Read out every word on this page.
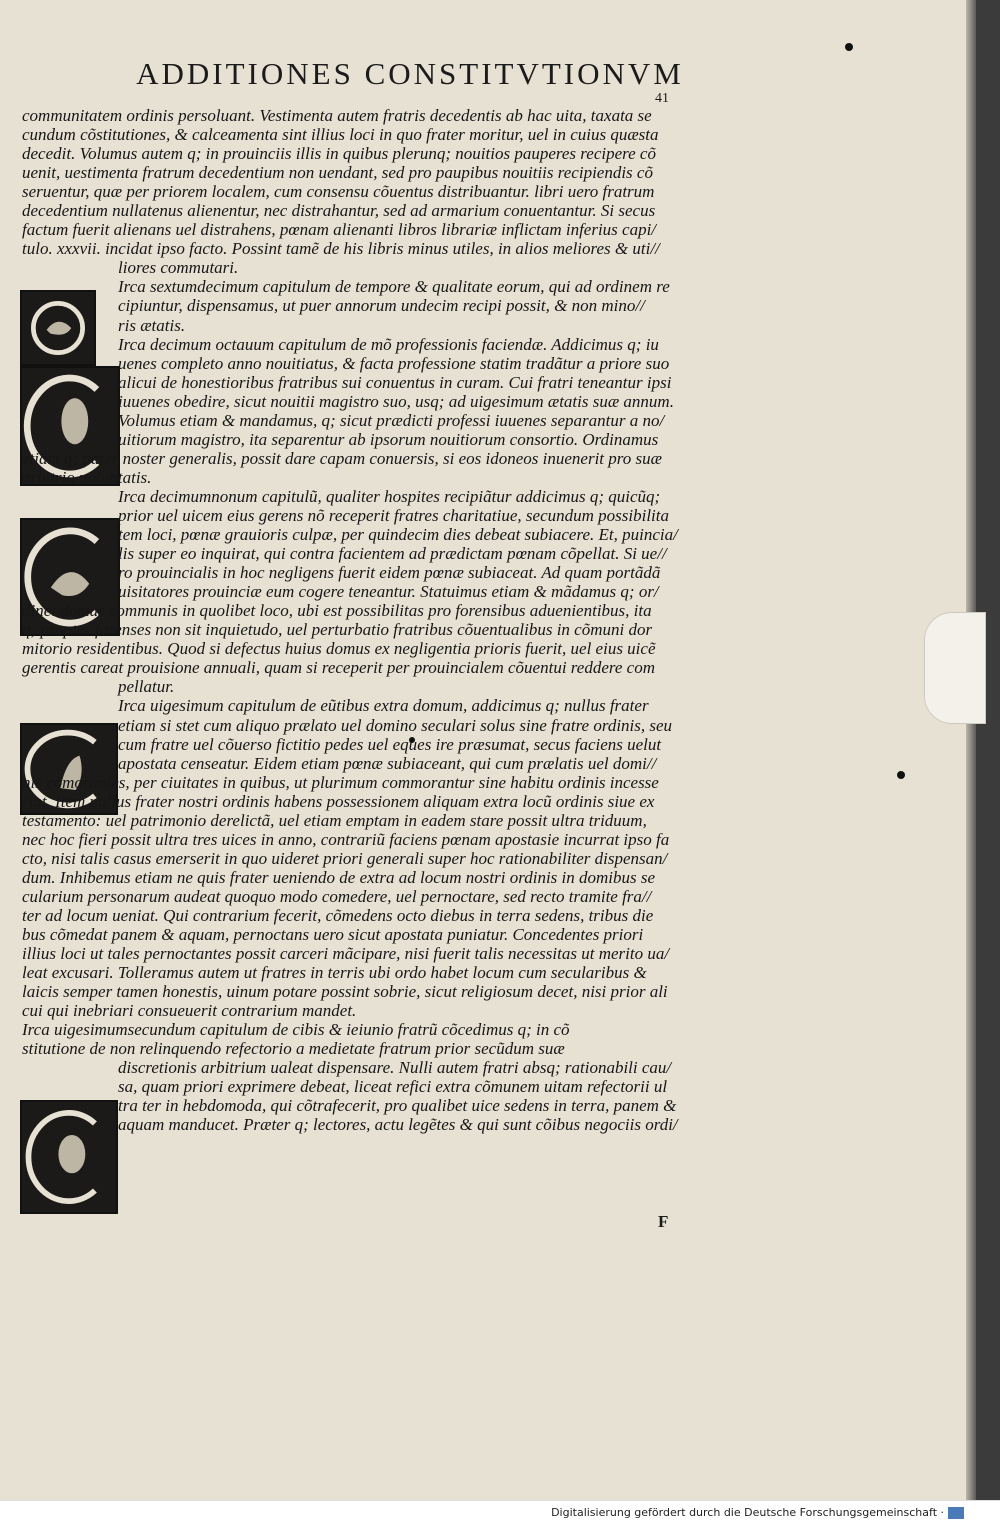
ADDITIONES CONSTITVTIONVM
41
communitatem ordinis persoluant. Vestimenta autem fratris decedentis ab hac uita, taxata se
cundum cõstitutiones, & calceamenta sint illius loci in quo frater moritur, uel in cuius quæsta
decedit. Volumus autem q; in prouinciis illis in quibus plerunq; nouitios pauperes recipere cõ
uenit, uestimenta fratrum decedentium non uendant, sed pro paupibus nouitiis recipiendis cõ
seruentur, quæ per priorem localem, cum consensu cõuentus distribuantur. libri uero fratrum
decedentium nullatenus alienentur, nec distrahantur, sed ad armarium conuentantur. Si secus
factum fuerit alienans uel distrahens, pœnam alienanti libros librariæ inflictam inferius capi/
tulo. xxxvii. incidat ipso facto. Possint tamẽ de his libris minus utiles, in alios meliores & uti//
liores commutari.
Irca sextumdecimum capitulum de tempore & qualitate eorum, qui ad ordinem re
cipiuntur, dispensamus, ut puer annorum undecim recipi possit, & non mino//
ris ætatis.
Irca decimum octauum capitulum de mõ professionis faciendæ. Addicimus q; iu
uenes completo anno nouitiatus, & facta professione statim tradãtur a priore suo
alicui de honestioribus fratribus sui conuentus in curam. Cui fratri teneantur ipsi
iuuenes obedire, sicut nouitii magistro suo, usq; ad uigesimum ætatis suæ annum.
Volumus etiam & mandamus, q; sicut prædicti professi iuuenes separantur a no/
uitiorum magistro, ita separentur ab ipsorum nouitiorum consortio. Ordinamus
etiam q; pater noster generalis, possit dare capam conuersis, si eos idoneos inuenerit pro suæ
arbitrio uoluntatis.
Irca decimumnonum capitulũ, qualiter hospites recipiãtur addicimus q; quicũq;
prior uel uicem eius gerens nõ receperit fratres charitatiue, secundum possibilita
tem loci, pœnæ grauioris culpæ, per quindecim dies debeat subiacere. Et, puincia/
lis super eo inquirat, qui contra facientem ad prædictam pœnam cõpellat. Si ue//
ro prouincialis in hoc negligens fuerit eidem pœnæ subiaceat. Ad quam portãdã
uisitatores prouinciæ eum cogere teneantur. Statuimus etiam & mãdamus q; or/
dinet domus communis in quolibet loco, ubi est possibilitas pro forensibus aduenientibus, ita
q; propter forenses non sit inquietudo, uel perturbatio fratribus cõuentualibus in cõmuni dor
mitorio residentibus. Quod si defectus huius domus ex negligentia prioris fuerit, uel eius uicẽ
gerentis careat prouisione annuali, quam si receperit per prouincialem cõuentui reddere com
pellatur.
Irca uigesimum capitulum de eũtibus extra domum, addicimus q; nullus frater
etiam si stet cum aliquo prælato uel domino seculari solus sine fratre ordinis, seu
cum fratre uel cõuerso fictitio pedes uel eques ire præsumat, secus faciens uelut
apostata censeatur. Eidem etiam pœnæ subiaceant, qui cum prælatis uel domi//
nis cõmorantes, per ciuitates in quibus, ut plurimum commorantur sine habitu ordinis incesse
rint. Item nullus frater nostri ordinis habens possessionem aliquam extra locũ ordinis siue ex
testamento: uel patrimonio derelictã, uel etiam emptam in eadem stare possit ultra triduum,
nec hoc fieri possit ultra tres uices in anno, contrariũ faciens pœnam apostasie incurrat ipso fa
cto, nisi talis casus emerserit in quo uideret priori generali super hoc rationabiliter dispensan/
dum. Inhibemus etiam ne quis frater ueniendo de extra ad locum nostri ordinis in domibus se
cularium personarum audeat quoquo modo comedere, uel pernoctare, sed recto tramite fra//
ter ad locum ueniat. Qui contrarium fecerit, cõmedens octo diebus in terra sedens, tribus die
bus cõmedat panem & aquam, pernoctans uero sicut apostata puniatur. Concedentes priori
illius loci ut tales pernoctantes possit carceri mãcipare, nisi fuerit talis necessitas ut merito ua/
leat excusari. Tolleramus autem ut fratres in terris ubi ordo habet locum cum secularibus &
laicis semper tamen honestis, uinum potare possint sobrie, sicut religiosum decet, nisi prior ali
cui qui inebriari consueuerit contrarium mandet.
Irca uigesimumsecundum capitulum de cibis & ieiunio fratrũ cõcedimus q; in cõ
stitutione de non relinquendo refectorio a medietate fratrum prior secũdum suæ
discretionis arbitrium ualeat dispensare. Nulli autem fratri absq; rationabili cau/
sa, quam priori exprimere debeat, liceat refici extra cõmunem uitam refectorii ul
tra ter in hebdomoda, qui cõtrafecerit, pro qualibet uice sedens in terra, panem &
aquam manducet. Præter q; lectores, actu legẽtes & qui sunt cõibus negociis ordi/
F
Digitalisierung gefördert durch die Deutsche Forschungsgemeinschaft ·
